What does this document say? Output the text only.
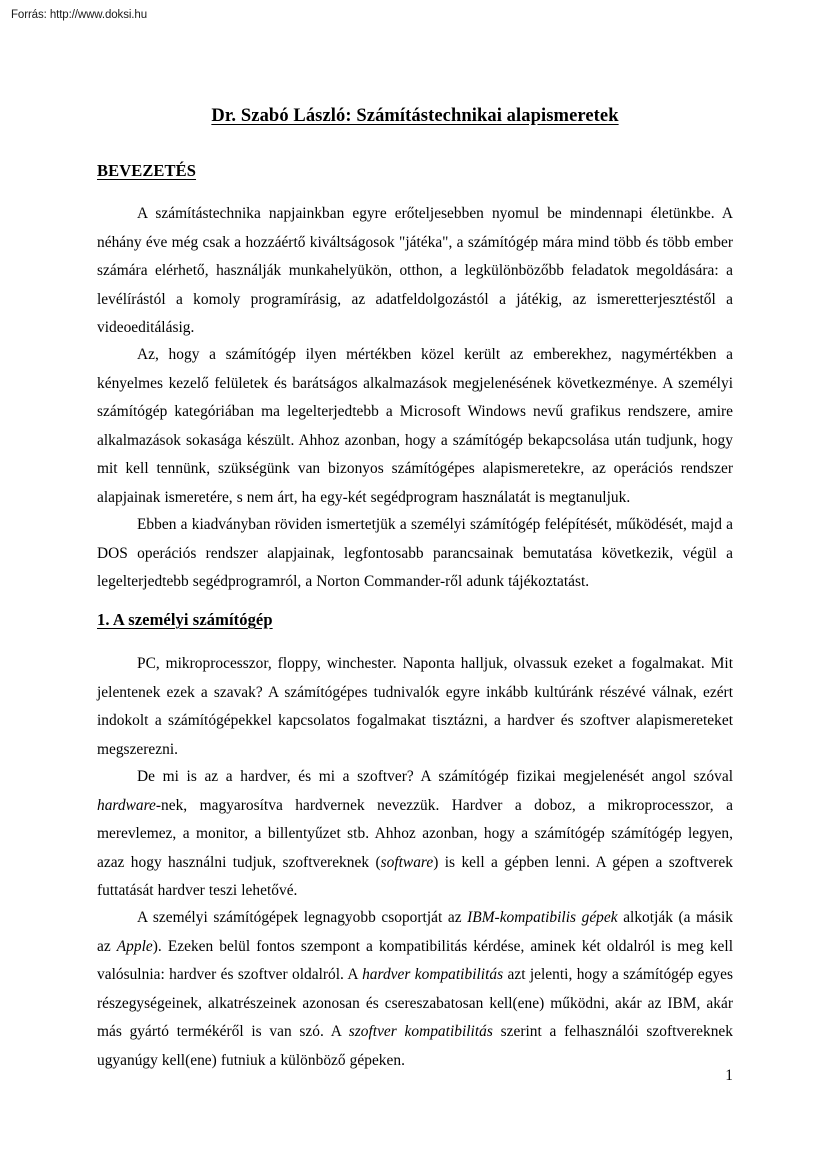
Forrás: http://www.doksi.hu
Dr. Szabó László: Számítástechnikai alapismeretek
BEVEZETÉS

A számítástechnika napjainkban egyre erőteljesebben nyomul be mindennapi életünkbe. A néhány éve még csak a hozzáértő kiváltságosok "játéka", a számítógép mára mind több és több ember számára elérhető, használják munkahelyükön, otthon, a legkülönbözőbb feladatok megoldására: a levélírástól a komoly programírásig, az adatfeldolgozástól a játékig, az ismeretterjesztéstől a videoeditálásig.

Az, hogy a számítógép ilyen mértékben közel került az emberekhez, nagymértékben a kényelmes kezelő felületek és barátságos alkalmazások megjelenésének következménye. A személyi számítógép kategóriában ma legelterjedtebb a Microsoft Windows nevű grafikus rendszere, amire alkalmazások sokasága készült. Ahhoz azonban, hogy a számítógép bekapcsolása után tudjunk, hogy mit kell tennünk, szükségünk van bizonyos számítógépes alapismeretekre, az operációs rendszer alapjainak ismeretére, s nem árt, ha egy-két segédprogram használatát is megtanuljuk.

Ebben a kiadványban röviden ismertetjük a személyi számítógép felépítését, működését, majd a DOS operációs rendszer alapjainak, legfontosabb parancsainak bemutatása következik, végül a legelterjedtebb segédprogramról, a Norton Commander-ről adunk tájékoztatást.

1. A személyi számítógép

PC, mikroprocesszor, floppy, winchester. Naponta halljuk, olvassuk ezeket a fogalmakat. Mit jelentenek ezek a szavak? A számítógépes tudnivalók egyre inkább kultúránk részévé válnak, ezért indokolt a számítógépekkel kapcsolatos fogalmakat tisztázni, a hardver és szoftver alapismereteket megszerezni.

De mi is az a hardver, és mi a szoftver? A számítógép fizikai megjelenését angol szóval hardware-nek, magyarosítva hardvernek nevezzük. Hardver a doboz, a mikroprocesszor, a merevlemez, a monitor, a billentyűzet stb. Ahhoz azonban, hogy a számítógép számítógép legyen, azaz hogy használni tudjuk, szoftvereknek (software) is kell a gépben lenni. A gépen a szoftverek futtatását hardver teszi lehetővé.

A személyi számítógépek legnagyobb csoportját az IBM-kompatibilis gépek alkotják (a másik az Apple). Ezeken belül fontos szempont a kompatibilitás kérdése, aminek két oldalról is meg kell valósulnia: hardver és szoftver oldalról. A hardver kompatibilitás azt jelenti, hogy a számítógép egyes részegységeinek, alkatrészeinek azonosan és csereszabatosan kell(ene) működni, akár az IBM, akár más gyártó termékéről is van szó. A szoftver kompatibilitás szerint a felhasználói szoftvereknek ugyanúgy kell(ene) futniuk a különböző gépeken.

1
